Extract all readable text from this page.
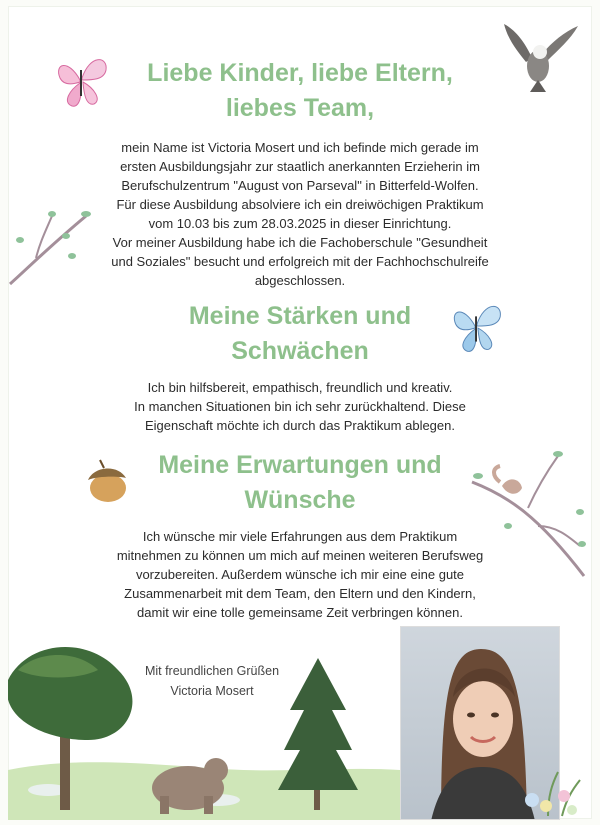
Liebe Kinder, liebe Eltern,
liebes Team,

mein Name ist Victoria Mosert und ich befinde mich gerade im
ersten Ausbildungsjahr zur staatlich anerkannten Erzieherin im
Berufschulzentrum "August von Parseval" in Bitterfeld-Wolfen.
Für diese Ausbildung absolviere ich ein dreiwöchigen Praktikum
vom 10.03 bis zum 28.03.2025 in dieser Einrichtung.
Vor meiner Ausbildung habe ich die Fachoberschule "Gesundheit
und Soziales" besucht und erfolgreich mit der Fachhochschulreife
abgeschlossen.

Meine Stärken und
Schwächen

Ich bin hilfsbereit, empathisch, freundlich und kreativ.
In manchen Situationen bin ich sehr zurückhaltend. Diese
Eigenschaft möchte ich durch das Praktikum ablegen.

Meine Erwartungen und
Wünsche

Ich wünsche mir viele Erfahrungen aus dem Praktikum
mitnehmen zu können um mich auf meinen weiteren Berufsweg
vorzubereiten. Außerdem wünsche ich mir eine eine gute
Zusammenarbeit mit dem Team, den Eltern und den Kindern,
damit wir eine tolle gemeinsame Zeit verbringen können.

Mit freundlichen Grüßen
Victoria Mosert
